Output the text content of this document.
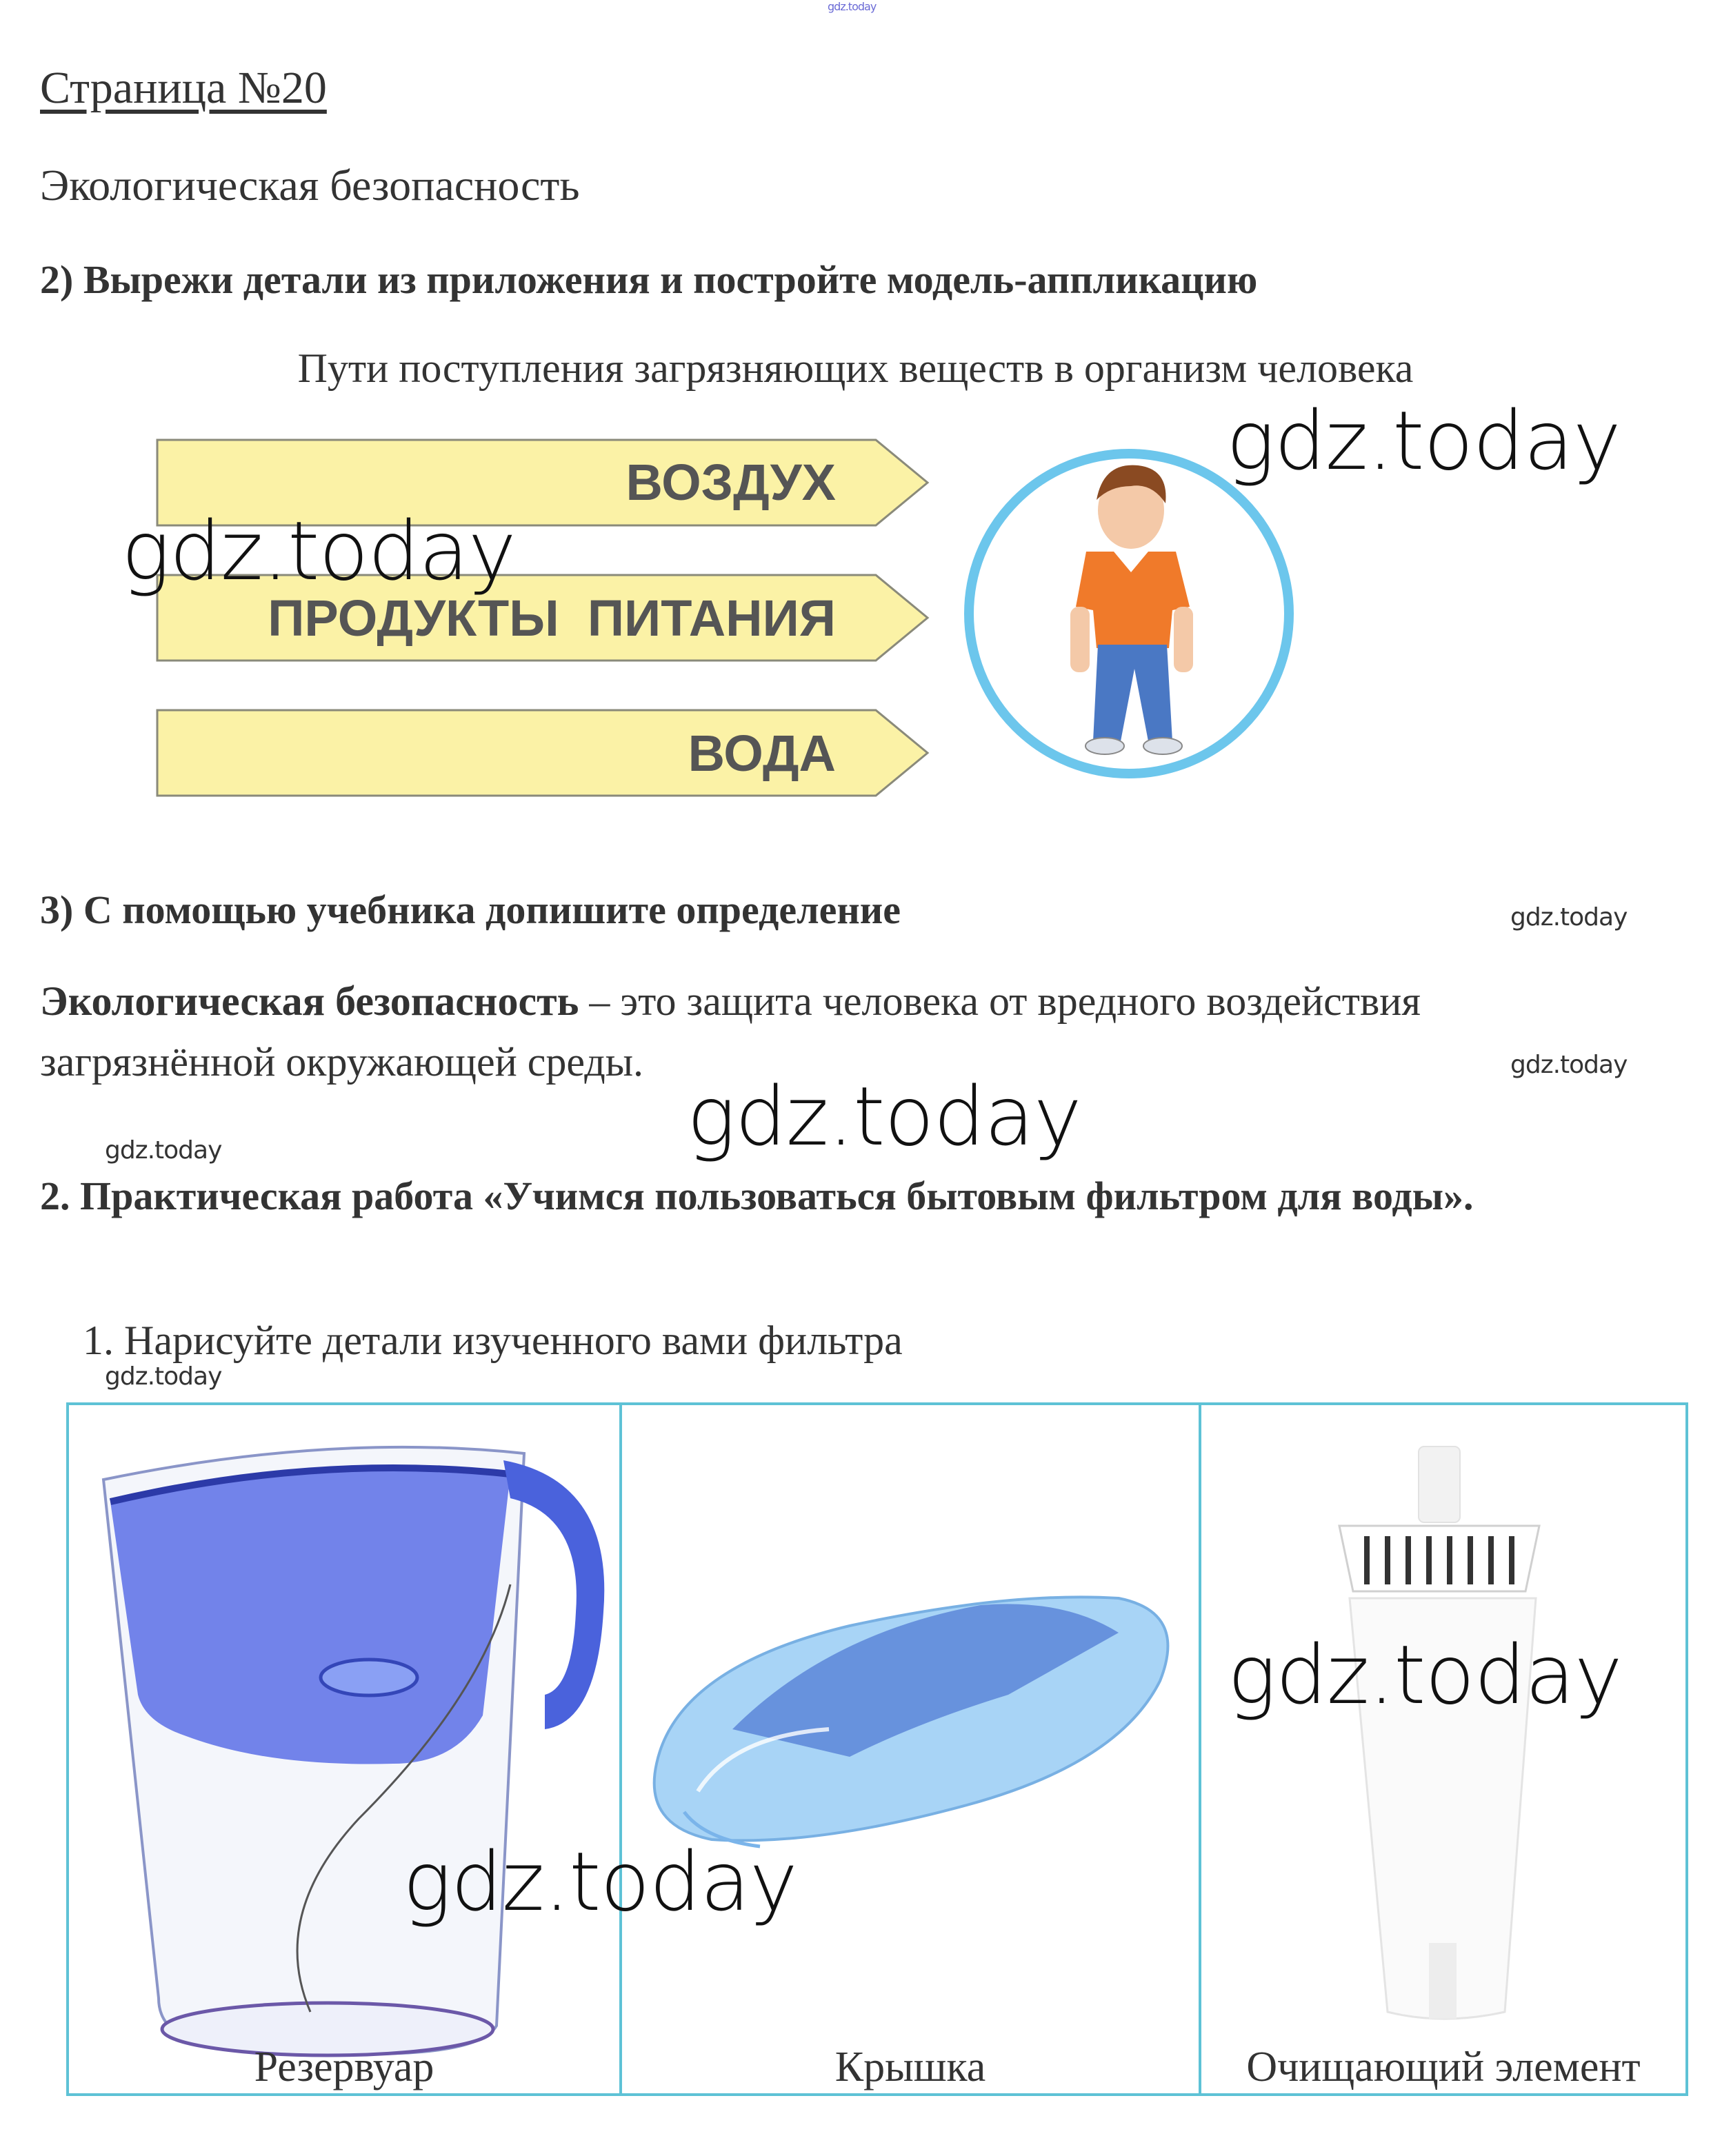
gdz.today
Страница №20
Экологическая безопасность
2) Вырежи детали из приложения и постройте модель-аппликацию
Пути поступления загрязняющих веществ в организм человека
ВОЗДУХ
ПРОДУКТЫ  ПИТАНИЯ
ВОДА
gdz.today
gdz.today
3) С помощью учебника допишите определение	gdz.today
Экологическая безопасность – это защита человека от вредного воздействия загрязнённой окружающей среды.	gdz.today
gdz.today
gdz.today
2. Практическая работа «Учимся пользоваться бытовым фильтром для воды».
1. Нарисуйте детали изученного вами фильтра
gdz.today
Резервуар	Крышка	Очищающий элемент
gdz.today
gdz.today
